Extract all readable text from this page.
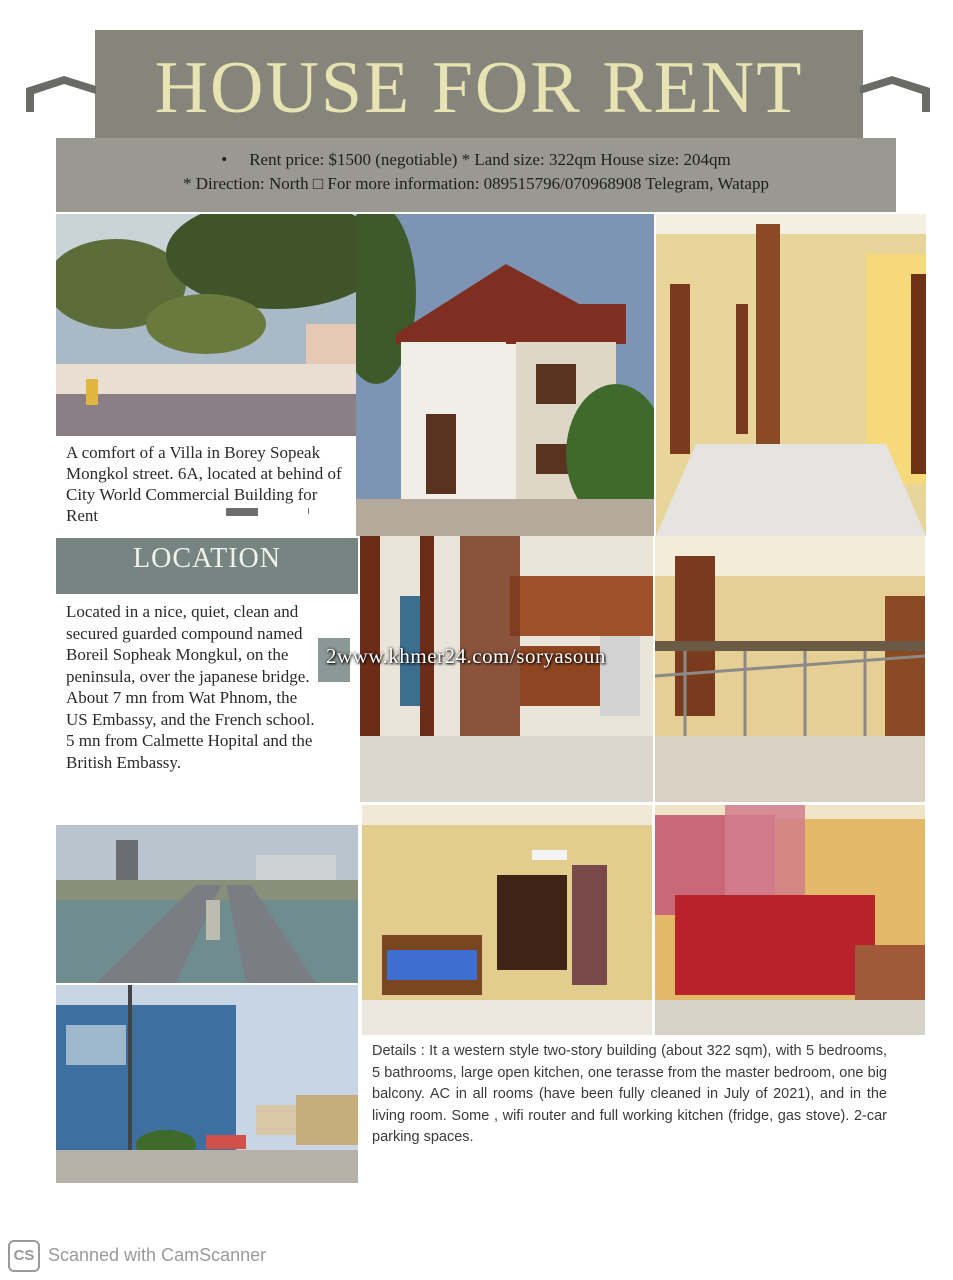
HOUSE FOR RENT
• Rent price: $1500 (negotiable) * Land size: 322qm House size: 204qm
* Direction: North □ For more information: 089515796/070968908 Telegram, Watapp
A comfort of a Villa in Borey Sopeak Mongkol street. 6A, located at behind of City World Commercial Building for Rent
LOCATION
Located in a nice, quiet, clean and secured guarded compound named Boreil Sopheak Mongkul, on the peninsula, over the japanese bridge. About 7 mn from Wat Phnom, the US Embassy, and the French school. 5 mn from Calmette Hopital and the British Embassy.
2www.khmer24.com/soryasoun
Details : It a western style two-story building (about 322 sqm), with 5 bedrooms, 5 bathrooms, large open kitchen, one terasse from the master bedroom, one big balcony. AC in all rooms (have been fully cleaned in July of 2021), and in the living room. Some , wifi router and full working kitchen (fridge, gas stove). 2-car parking spaces.
CS Scanned with CamScanner
